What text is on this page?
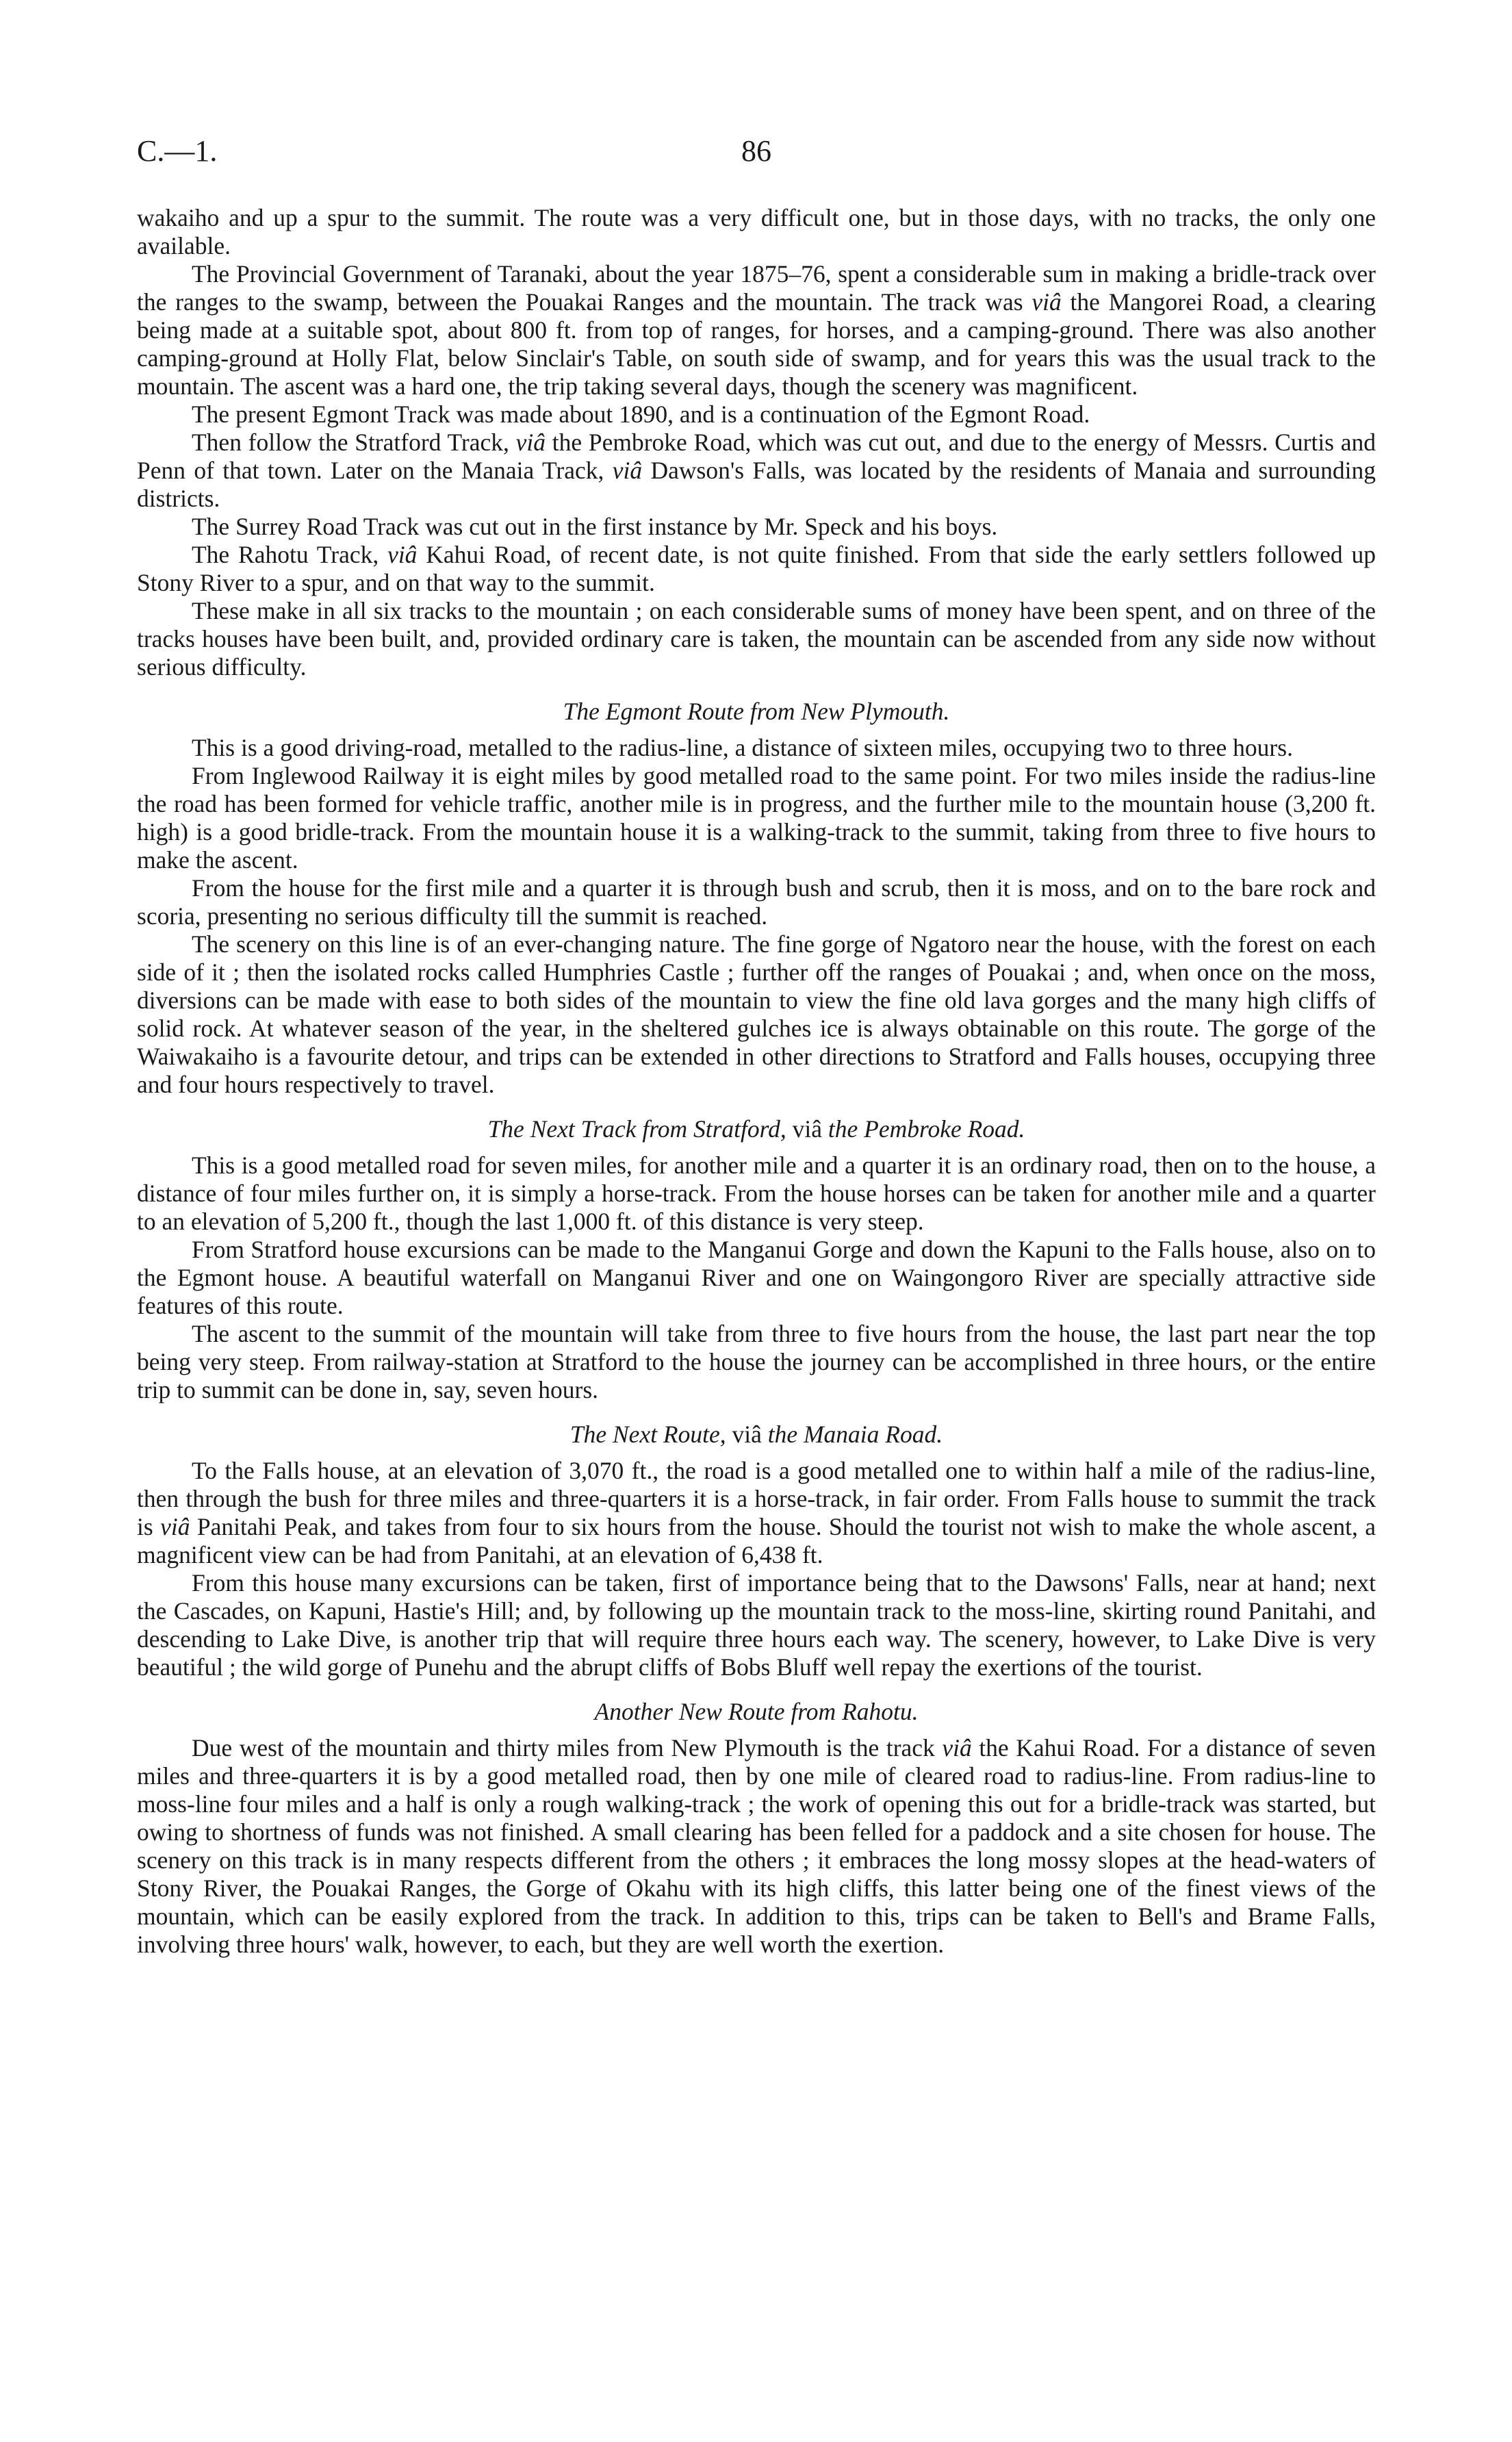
C.—1.	86

wakaiho and up a spur to the summit. The route was a very difficult one, but in those days, with no tracks, the only one available.

The Provincial Government of Taranaki, about the year 1875–76, spent a considerable sum in making a bridle-track over the ranges to the swamp, between the Pouakai Ranges and the mountain. The track was viâ the Mangorei Road, a clearing being made at a suitable spot, about 800 ft. from top of ranges, for horses, and a camping-ground. There was also another camping-ground at Holly Flat, below Sinclair's Table, on south side of swamp, and for years this was the usual track to the mountain. The ascent was a hard one, the trip taking several days, though the scenery was magnificent.

The present Egmont Track was made about 1890, and is a continuation of the Egmont Road.

Then follow the Stratford Track, viâ the Pembroke Road, which was cut out, and due to the energy of Messrs. Curtis and Penn of that town. Later on the Manaia Track, viâ Dawson's Falls, was located by the residents of Manaia and surrounding districts.

The Surrey Road Track was cut out in the first instance by Mr. Speck and his boys.

The Rahotu Track, viâ Kahui Road, of recent date, is not quite finished. From that side the early settlers followed up Stony River to a spur, and on that way to the summit.

These make in all six tracks to the mountain ; on each considerable sums of money have been spent, and on three of the tracks houses have been built, and, provided ordinary care is taken, the mountain can be ascended from any side now without serious difficulty.

The Egmont Route from New Plymouth.

This is a good driving-road, metalled to the radius-line, a distance of sixteen miles, occupying two to three hours.

From Inglewood Railway it is eight miles by good metalled road to the same point. For two miles inside the radius-line the road has been formed for vehicle traffic, another mile is in progress, and the further mile to the mountain house (3,200 ft. high) is a good bridle-track. From the mountain house it is a walking-track to the summit, taking from three to five hours to make the ascent.

From the house for the first mile and a quarter it is through bush and scrub, then it is moss, and on to the bare rock and scoria, presenting no serious difficulty till the summit is reached.

The scenery on this line is of an ever-changing nature. The fine gorge of Ngatoro near the house, with the forest on each side of it ; then the isolated rocks called Humphries Castle ; further off the ranges of Pouakai ; and, when once on the moss, diversions can be made with ease to both sides of the mountain to view the fine old lava gorges and the many high cliffs of solid rock. At whatever season of the year, in the sheltered gulches ice is always obtainable on this route. The gorge of the Waiwakaiho is a favourite detour, and trips can be extended in other directions to Stratford and Falls houses, occupying three and four hours respectively to travel.

The Next Track from Stratford, viâ the Pembroke Road.

This is a good metalled road for seven miles, for another mile and a quarter it is an ordinary road, then on to the house, a distance of four miles further on, it is simply a horse-track. From the house horses can be taken for another mile and a quarter to an elevation of 5,200 ft., though the last 1,000 ft. of this distance is very steep.

From Stratford house excursions can be made to the Manganui Gorge and down the Kapuni to the Falls house, also on to the Egmont house. A beautiful waterfall on Manganui River and one on Waingongoro River are specially attractive side features of this route.

The ascent to the summit of the mountain will take from three to five hours from the house, the last part near the top being very steep. From railway-station at Stratford to the house the journey can be accomplished in three hours, or the entire trip to summit can be done in, say, seven hours.

The Next Route, viâ the Manaia Road.

To the Falls house, at an elevation of 3,070 ft., the road is a good metalled one to within half a mile of the radius-line, then through the bush for three miles and three-quarters it is a horse-track, in fair order. From Falls house to summit the track is viâ Panitahi Peak, and takes from four to six hours from the house. Should the tourist not wish to make the whole ascent, a magnificent view can be had from Panitahi, at an elevation of 6,438 ft.

From this house many excursions can be taken, first of importance being that to the Dawsons' Falls, near at hand; next the Cascades, on Kapuni, Hastie's Hill; and, by following up the mountain track to the moss-line, skirting round Panitahi, and descending to Lake Dive, is another trip that will require three hours each way. The scenery, however, to Lake Dive is very beautiful ; the wild gorge of Punehu and the abrupt cliffs of Bobs Bluff well repay the exertions of the tourist.

Another New Route from Rahotu.

Due west of the mountain and thirty miles from New Plymouth is the track viâ the Kahui Road. For a distance of seven miles and three-quarters it is by a good metalled road, then by one mile of cleared road to radius-line. From radius-line to moss-line four miles and a half is only a rough walking-track ; the work of opening this out for a bridle-track was started, but owing to shortness of funds was not finished. A small clearing has been felled for a paddock and a site chosen for house. The scenery on this track is in many respects different from the others ; it embraces the long mossy slopes at the head-waters of Stony River, the Pouakai Ranges, the Gorge of Okahu with its high cliffs, this latter being one of the finest views of the mountain, which can be easily explored from the track. In addition to this, trips can be taken to Bell's and Brame Falls, involving three hours' walk, however, to each, but they are well worth the exertion.
